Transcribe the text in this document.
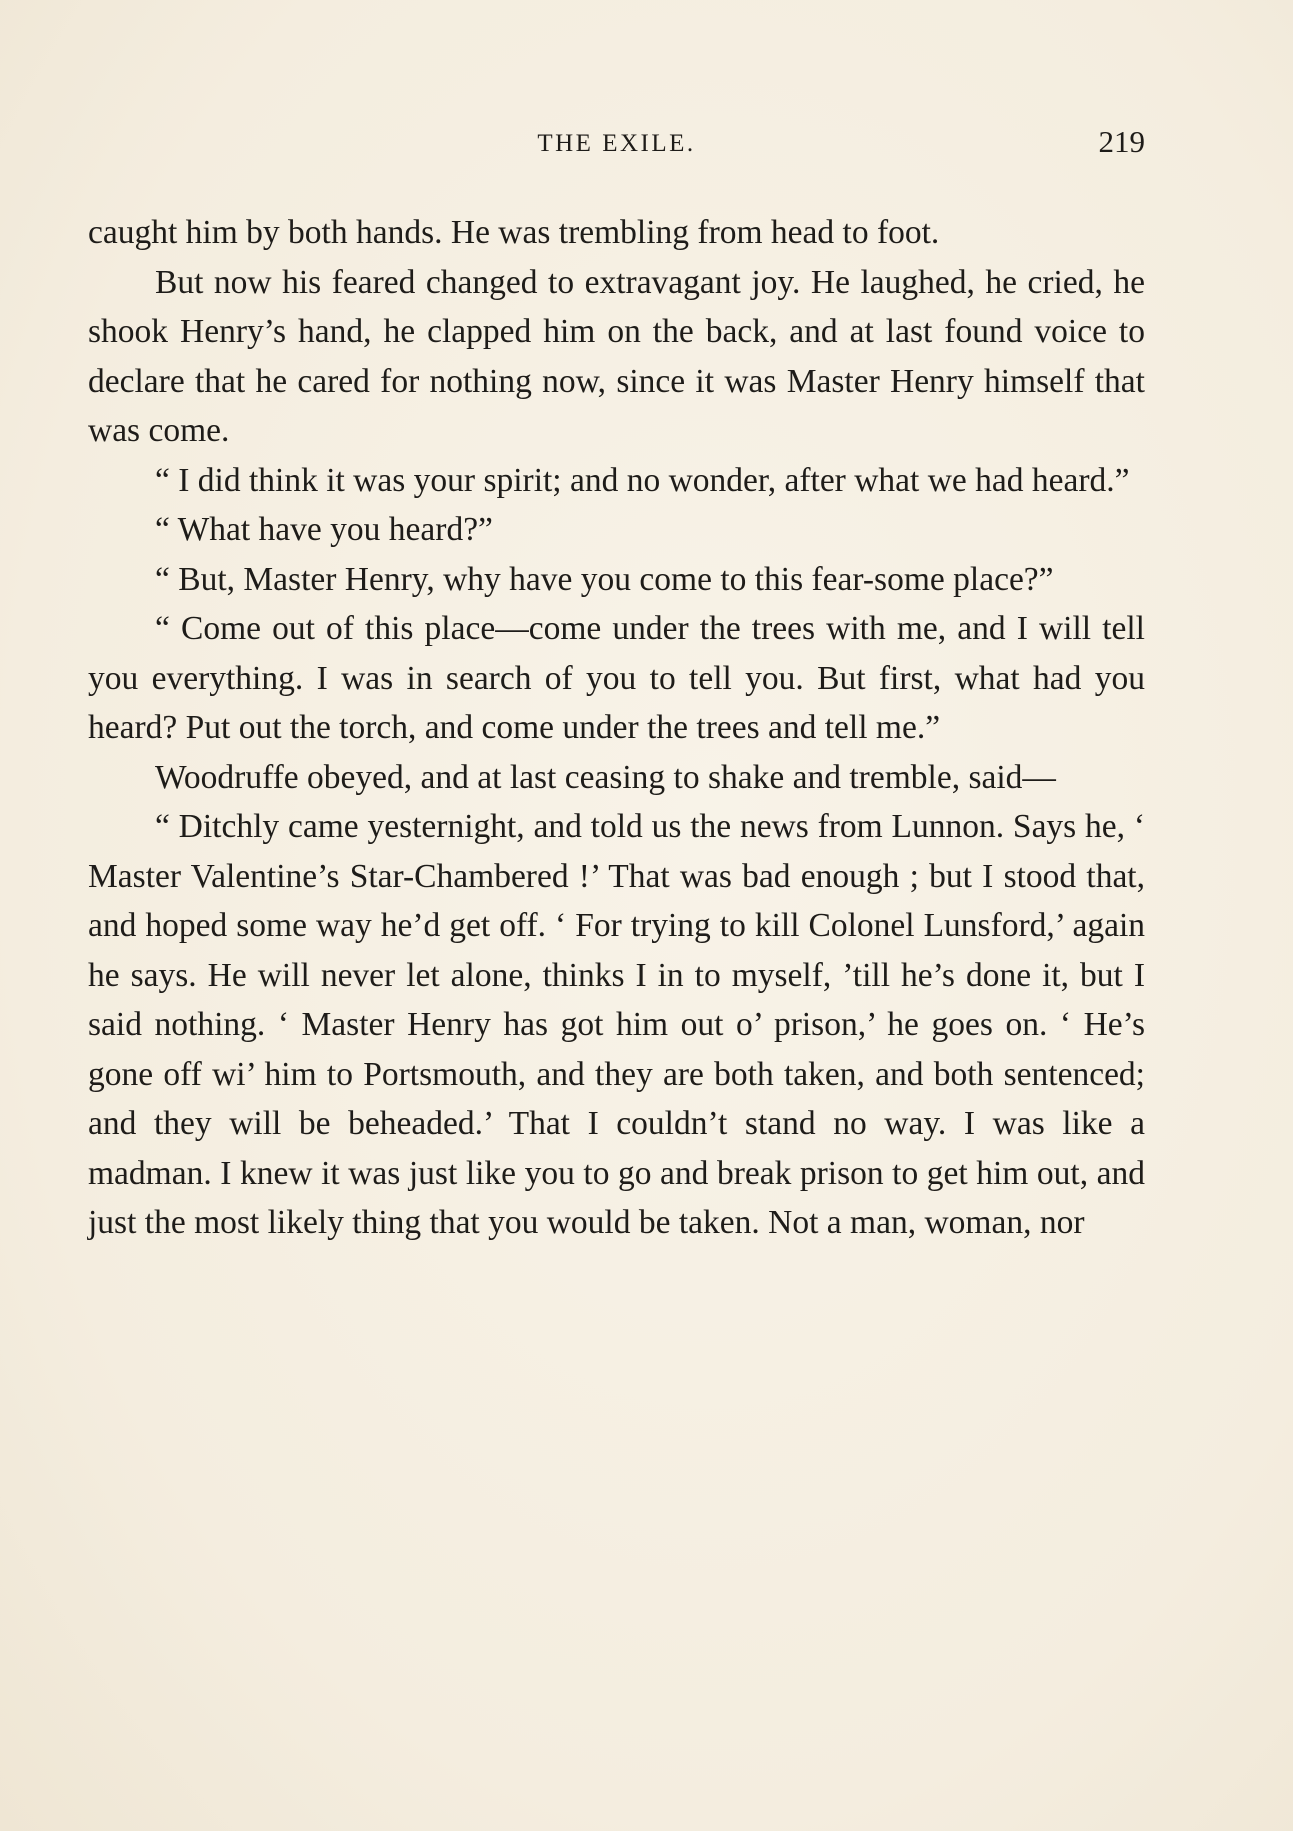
THE EXILE.	219

caught him by both hands. He was trembling from head to foot.

But now his feared changed to extravagant joy. He laughed, he cried, he shook Henry’s hand, he clapped him on the back, and at last found voice to declare that he cared for nothing now, since it was Master Henry himself that was come.

“ I did think it was your spirit; and no wonder, after what we had heard.”

“ What have you heard?”

“ But, Master Henry, why have you come to this fear-some place?”

“ Come out of this place—come under the trees with me, and I will tell you everything. I was in search of you to tell you. But first, what had you heard? Put out the torch, and come under the trees and tell me.”

Woodruffe obeyed, and at last ceasing to shake and tremble, said—

“ Ditchly came yesternight, and told us the news from Lunnon. Says he, ‘ Master Valentine’s Star-Chambered !’ That was bad enough ; but I stood that, and hoped some way he’d get off. ‘ For trying to kill Colonel Lunsford,’ again he says. He will never let alone, thinks I in to myself, ’till he’s done it, but I said nothing. ‘ Master Henry has got him out o’ prison,’ he goes on. ‘ He’s gone off wi’ him to Portsmouth, and they are both taken, and both sentenced; and they will be beheaded.’ That I couldn’t stand no way. I was like a madman. I knew it was just like you to go and break prison to get him out, and just the most likely thing that you would be taken. Not a man, woman, nor
